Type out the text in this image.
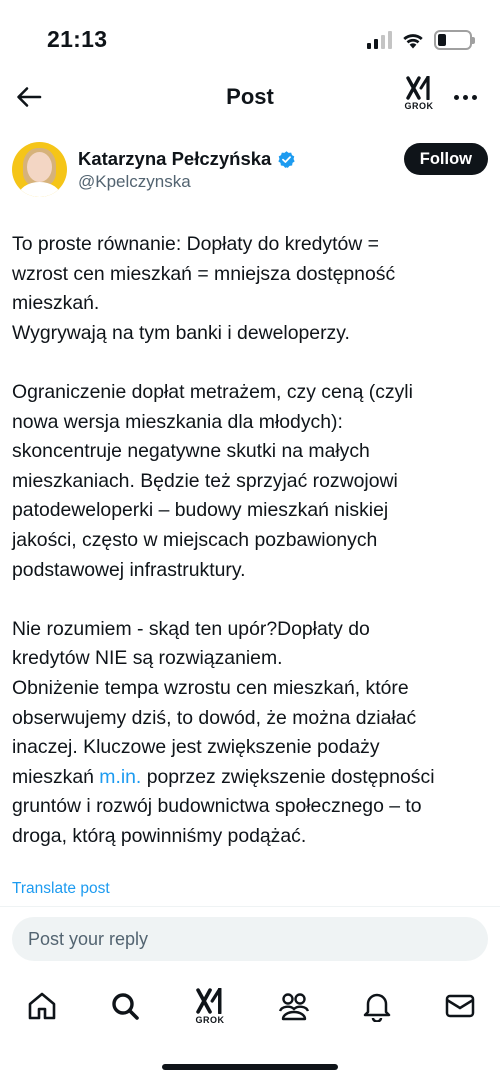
21:13
Post	GROK
Katarzyna Pełczyńska
@Kpelczynska
Follow

To proste równanie: Dopłaty do kredytów =
wzrost cen mieszkań = mniejsza dostępność
mieszkań.
Wygrywają na tym banki i deweloperzy.

Ograniczenie dopłat metrażem, czy ceną (czyli
nowa wersja mieszkania dla młodych):
skoncentruje negatywne skutki na małych
mieszkaniach. Będzie też sprzyjać rozwojowi
patodeweloperki – budowy mieszkań niskiej
jakości, często w miejscach pozbawionych
podstawowej infrastruktury.

Nie rozumiem - skąd ten upór?Dopłaty do
kredytów NIE są rozwiązaniem.
Obniżenie tempa wzrostu cen mieszkań, które
obserwujemy dziś, to dowód, że można działać
inaczej. Kluczowe jest zwiększenie podaży
mieszkań m.in. poprzez zwiększenie dostępności
gruntów i rozwój budownictwa społecznego – to
droga, którą powinniśmy podążać.

Translate post
Post your reply
GROK
